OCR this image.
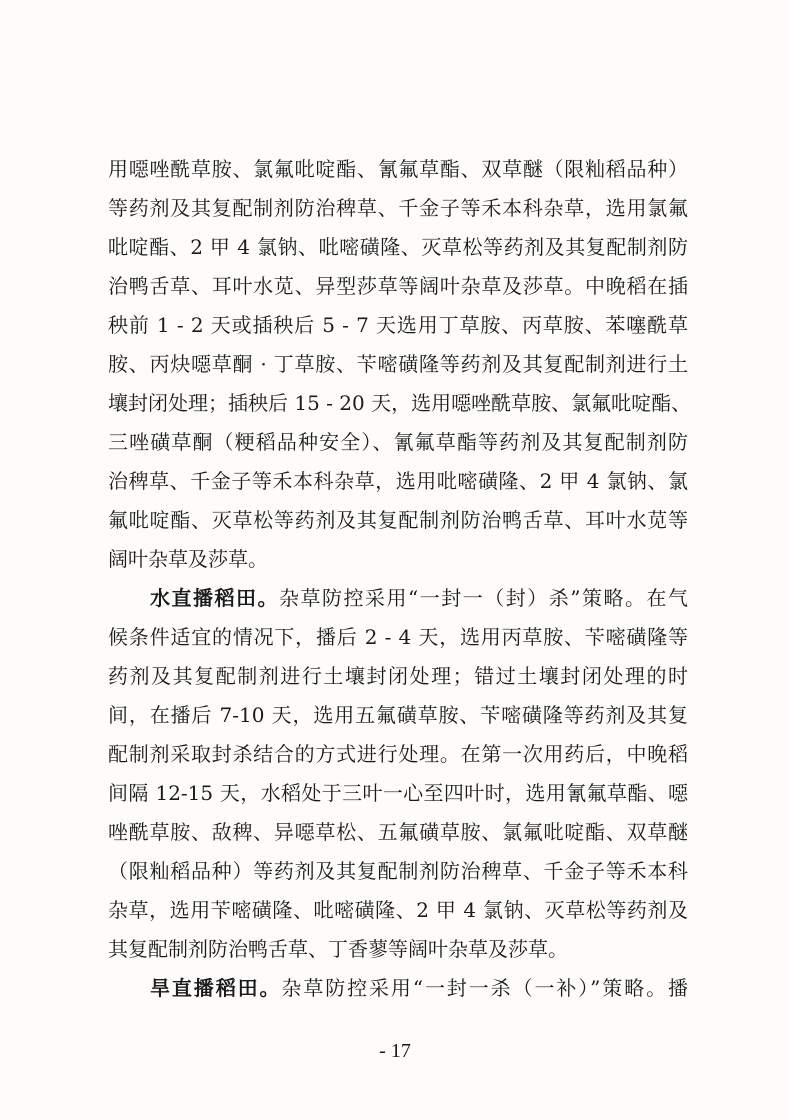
用噁唑酰草胺、氯氟吡啶酯、氰氟草酯、双草醚（限籼稻品种）
等药剂及其复配制剂防治稗草、千金子等禾本科杂草，选用氯氟
吡啶酯、2 甲 4 氯钠、吡嘧磺隆、灭草松等药剂及其复配制剂防
治鸭舌草、耳叶水苋、异型莎草等阔叶杂草及莎草。中晚稻在插
秧前 1 - 2 天或插秧后 5 - 7 天选用丁草胺、丙草胺、苯噻酰草
胺、丙炔噁草酮 · 丁草胺、苄嘧磺隆等药剂及其复配制剂进行土
壤封闭处理；插秧后 15 - 20 天，选用噁唑酰草胺、氯氟吡啶酯、
三唑磺草酮（粳稻品种安全）、氰氟草酯等药剂及其复配制剂防
治稗草、千金子等禾本科杂草，选用吡嘧磺隆、2 甲 4 氯钠、氯
氟吡啶酯、灭草松等药剂及其复配制剂防治鸭舌草、耳叶水苋等
阔叶杂草及莎草。
水直播稻田。杂草防控采用“一封一（封）杀”策略。在气
候条件适宜的情况下，播后 2 - 4 天，选用丙草胺、苄嘧磺隆等
药剂及其复配制剂进行土壤封闭处理；错过土壤封闭处理的时
间，在播后 7-10 天，选用五氟磺草胺、苄嘧磺隆等药剂及其复
配制剂采取封杀结合的方式进行处理。在第一次用药后，中晚稻
间隔 12-15 天，水稻处于三叶一心至四叶时，选用氰氟草酯、噁
唑酰草胺、敌稗、异噁草松、五氟磺草胺、氯氟吡啶酯、双草醚
（限籼稻品种）等药剂及其复配制剂防治稗草、千金子等禾本科
杂草，选用苄嘧磺隆、吡嘧磺隆、2 甲 4 氯钠、灭草松等药剂及
其复配制剂防治鸭舌草、丁香蓼等阔叶杂草及莎草。
旱直播稻田。杂草防控采用“一封一杀（一补）”策略。播
- 17
